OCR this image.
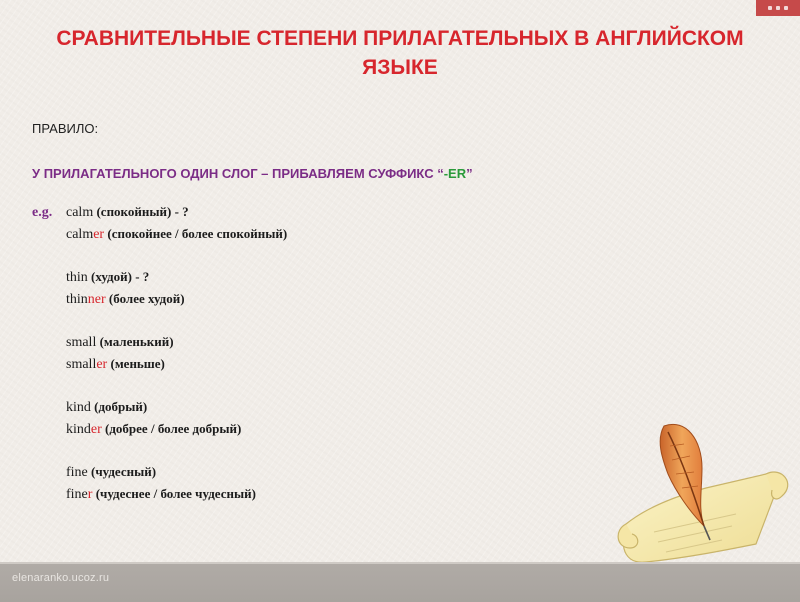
СРАВНИТЕЛЬНЫЕ СТЕПЕНИ ПРИЛАГАТЕЛЬНЫХ В АНГЛИЙСКОМ ЯЗЫКЕ
ПРАВИЛО:
У ПРИЛАГАТЕЛЬНОГО ОДИН СЛОГ – ПРИБАВЛЯЕМ СУФФИКС “-ER”
e.g. calm (спокойный) - ?
calmer (спокойнее / более спокойный)
thin (худой) - ?
thinner (более худой)
small (маленький)
smaller (меньше)
kind (добрый)
kinder (добрее / более добрый)
fine (чудесный)
finer (чудеснее / более чудесный)
elenaranko.ucoz.ru
